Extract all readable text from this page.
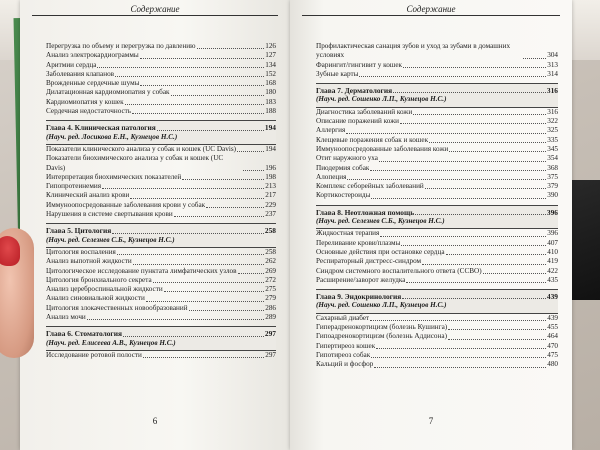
Содержание
Перегрузка по объему и перегрузка по давлению	126
Анализ электрокардиограммы	127
Аритмии сердца	134
Заболевания клапанов	152
Врожденные сердечные шумы	168
Дилатационная кардиомиопатия у собак	180
Кардиомиопатия у кошек	183
Сердечная недостаточность	188
Глава 4. Клиническая патология	194
(Науч. ред. Лосикова Е.Н., Кузнецов Н.С.)
Показатели клинического анализа у собак и кошек (UC Davis)	194
Показатели биохимического анализа у собак и кошек (UC Davis)	196
Интерпретация биохимических показателей	198
Гипопротеинемия	213
Клинический анализ крови	217
Иммуноопосредованные заболевания крови у собак	229
Нарушения в системе свертывания крови	237
Глава 5. Цитология	258
(Науч. ред. Селезнев С.Б., Кузнецов Н.С.)
Цитология воспаления	258
Анализ выпотной жидкости	262
Цитологическое исследование пунктата лимфатических узлов	269
Цитология бронхиального секрета	272
Анализ цереброспинальной жидкости	275
Анализ синовиальной жидкости	279
Цитология злокачественных новообразований	286
Анализ мочи	289
Глава 6. Стоматология	297
(Науч. ред. Елисеева А.В., Кузнецов Н.С.)
Исследование ротовой полости	297
6
Содержание
Профилактическая санация зубов и уход за зубами в домашних условиях	304
Фарингит/гингивит у кошек	313
Зубные карты	314
Глава 7. Дерматология	316
(Науч. ред. Сошенко Л.П., Кузнецов Н.С.)
Диагностика заболеваний кожи	316
Описание поражений кожи	322
Аллергия	325
Клещевые поражения собак и кошек	335
Иммуноопосредованные заболевания кожи	345
Отит наружного уха	354
Пиодермия собак	368
Алопеция	375
Комплекс себорейных заболеваний	379
Кортикостероиды	390
Глава 8. Неотложная помощь	396
(Науч. ред. Селезнев С.Б., Кузнецов Н.С.)
Жидкостная терапия	396
Переливание крови/плазмы	407
Основные действия при остановке сердца	410
Респираторный дистресс-синдром	419
Синдром системного воспалительного ответа (ССВО)	422
Расширение/заворот желудка	435
Глава 9. Эндокринология	439
(Науч. ред. Сошенко Л.П., Кузнецов Н.С.)
Сахарный диабет	439
Гиперадренокортицизм (болезнь Кушинга)	455
Гипоадренокортицизм (болезнь Аддисона)	464
Гипертиреоз кошек	470
Гипотиреоз собак	475
Кальций и фосфор	480
7
